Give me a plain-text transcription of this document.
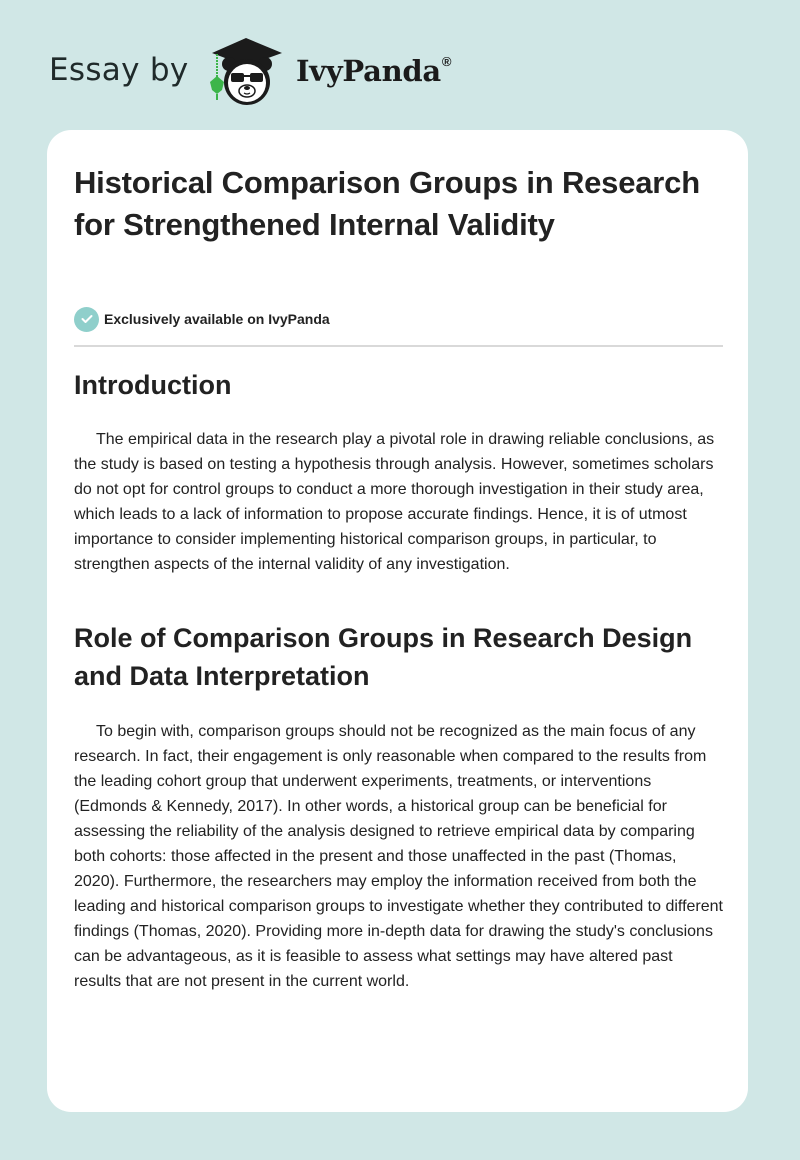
Essay by	IvyPanda®
Historical Comparison Groups in Research for Strengthened Internal Validity
Exclusively available on IvyPanda
Introduction

The empirical data in the research play a pivotal role in drawing reliable conclusions, as the study is based on testing a hypothesis through analysis. However, sometimes scholars do not opt for control groups to conduct a more thorough investigation in their study area, which leads to a lack of information to propose accurate findings. Hence, it is of utmost importance to consider implementing historical comparison groups, in particular, to strengthen aspects of the internal validity of any investigation.

Role of Comparison Groups in Research Design and Data Interpretation

To begin with, comparison groups should not be recognized as the main focus of any research. In fact, their engagement is only reasonable when compared to the results from the leading cohort group that underwent experiments, treatments, or interventions (Edmonds & Kennedy, 2017). In other words, a historical group can be beneficial for assessing the reliability of the analysis designed to retrieve empirical data by comparing both cohorts: those affected in the present and those unaffected in the past (Thomas, 2020). Furthermore, the researchers may employ the information received from both the leading and historical comparison groups to investigate whether they contributed to different findings (Thomas, 2020). Providing more in-depth data for drawing the study's conclusions can be advantageous, as it is feasible to assess what settings may have altered past results that are not present in the current world.
